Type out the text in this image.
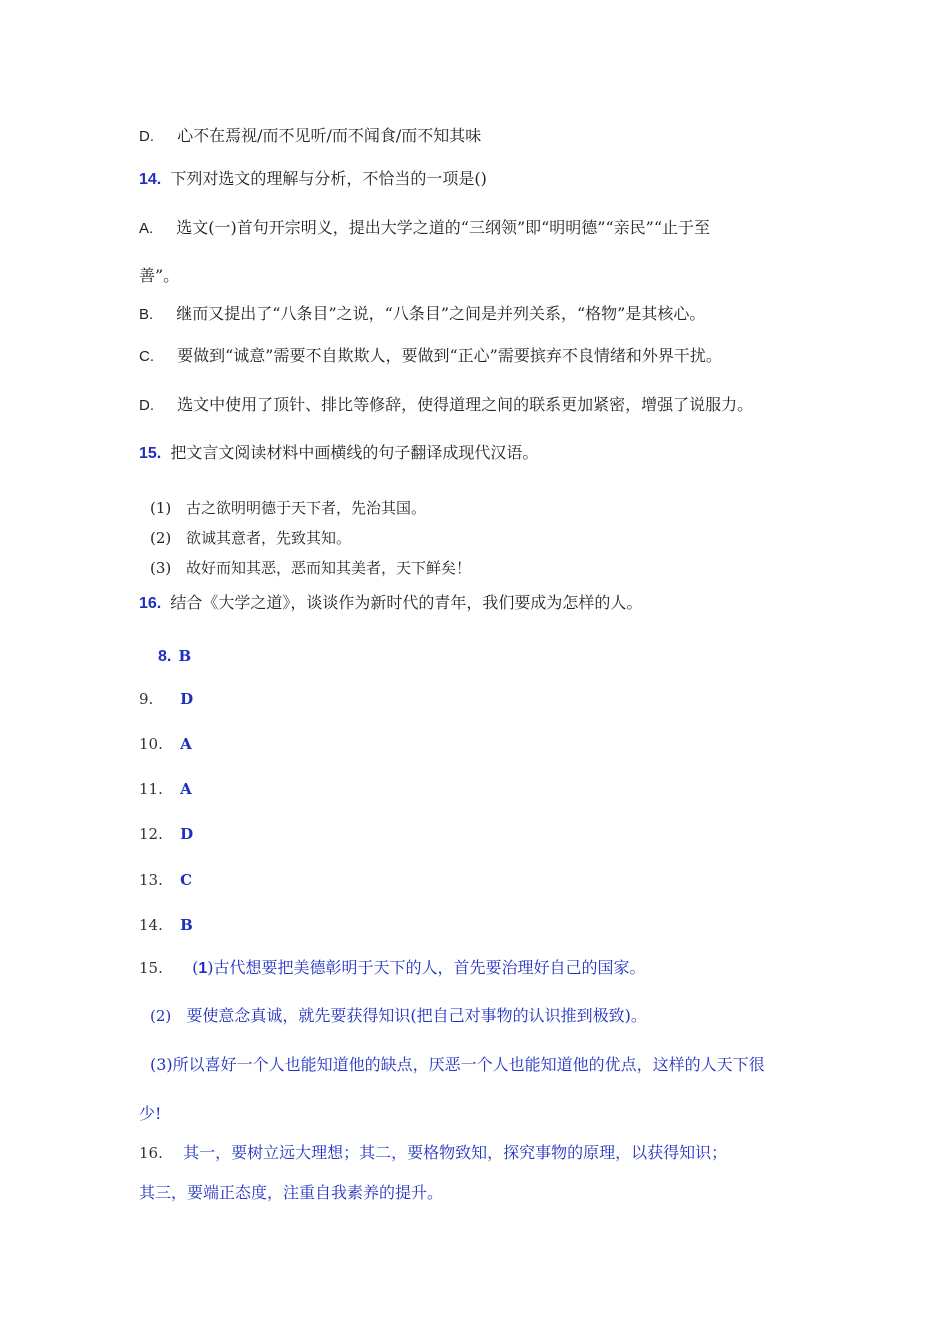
D. 心不在焉视/而不见听/而不闻食/而不知其味
14. 下列对选文的理解与分析，不恰当的一项是()
A. 选文(一)首句开宗明义，提出大学之道的“三纲领”即“明明德”“亲民”“止于至
善”。
B. 继而又提出了“八条目”之说，“八条目”之间是并列关系，“格物”是其核心。
C. 要做到“诚意”需要不自欺欺人，要做到“正心”需要摈弃不良情绪和外界干扰。
D. 选文中使用了顶针、排比等修辞，使得道理之间的联系更加紧密，增强了说服力。
15. 把文言文阅读材料中画横线的句子翻译成现代汉语。
(1) 古之欲明明德于天下者，先治其国。
(2) 欲诚其意者，先致其知。
(3) 故好而知其恶，恶而知其美者，天下鲜矣！
16. 结合《大学之道》，谈谈作为新时代的青年，我们要成为怎样的人。
8. B
9. D
10. A
11. A
12. D
13. C
14. B
15. (1)古代想要把美德彰明于天下的人，首先要治理好自己的国家。
(2) 要使意念真诚，就先要获得知识(把自己对事物的认识推到极致)。
(3)所以喜好一个人也能知道他的缺点，厌恶一个人也能知道他的优点，这样的人天下很
少!
16. 其一，要树立远大理想；其二，要格物致知，探究事物的原理，以获得知识；
其三，要端正态度，注重自我素养的提升。
